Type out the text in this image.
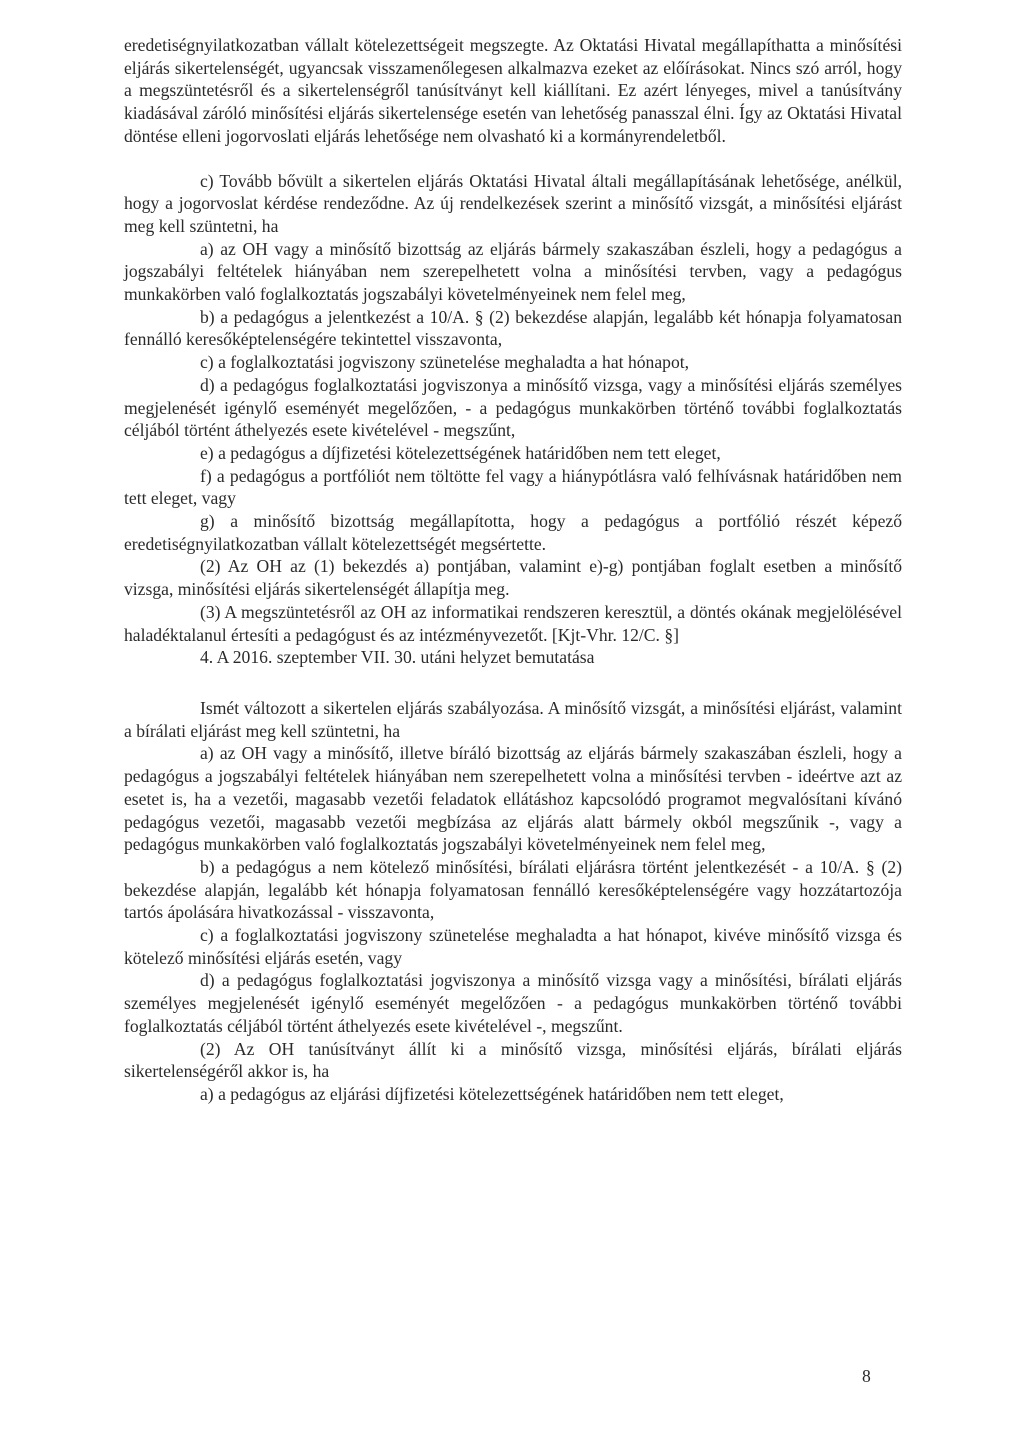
eredetiségnyilatkozatban vállalt kötelezettségeit megszegte. Az Oktatási Hivatal megállapíthatta a minősítési eljárás sikertelenségét, ugyancsak visszamenőlegesen alkalmazva ezeket az előírásokat. Nincs szó arról, hogy a megszüntetésről és a sikertelenségről tanúsítványt kell kiállítani. Ez azért lényeges, mivel a tanúsítvány kiadásával záróló minősítési eljárás sikertelensége esetén van lehetőség panasszal élni. Így az Oktatási Hivatal döntése elleni jogorvoslati eljárás lehetősége nem olvasható ki a kormányrendeletből.

c) Tovább bővült a sikertelen eljárás Oktatási Hivatal általi megállapításának lehetősége, anélkül, hogy a jogorvoslat kérdése rendeződne. Az új rendelkezések szerint a minősítő vizsgát, a minősítési eljárást meg kell szüntetni, ha

a) az OH vagy a minősítő bizottság az eljárás bármely szakaszában észleli, hogy a pedagógus a jogszabályi feltételek hiányában nem szerepelhetett volna a minősítési tervben, vagy a pedagógus munkakörben való foglalkoztatás jogszabályi követelményeinek nem felel meg,

b) a pedagógus a jelentkezést a 10/A. § (2) bekezdése alapján, legalább két hónapja folyamatosan fennálló keresőképtelenségére tekintettel visszavonta,

c) a foglalkoztatási jogviszony szünetelése meghaladta a hat hónapot,

d) a pedagógus foglalkoztatási jogviszonya a minősítő vizsga, vagy a minősítési eljárás személyes megjelenését igénylő eseményét megelőzően, - a pedagógus munkakörben történő további foglalkoztatás céljából történt áthelyezés esete kivételével - megszűnt,

e) a pedagógus a díjfizetési kötelezettségének határidőben nem tett eleget,

f) a pedagógus a portfóliót nem töltötte fel vagy a hiánypótlásra való felhívásnak határidőben nem tett eleget, vagy

g) a minősítő bizottság megállapította, hogy a pedagógus a portfólió részét képező eredetiségnyilatkozatban vállalt kötelezettségét megsértette.

(2) Az OH az (1) bekezdés a) pontjában, valamint e)-g) pontjában foglalt esetben a minősítő vizsga, minősítési eljárás sikertelenségét állapítja meg.

(3) A megszüntetésről az OH az informatikai rendszeren keresztül, a döntés okának megjelölésével haladéktalanul értesíti a pedagógust és az intézményvezetőt. [Kjt-Vhr. 12/C. §]

4. A 2016. szeptember VII. 30. utáni helyzet bemutatása

Ismét változott a sikertelen eljárás szabályozása. A minősítő vizsgát, a minősítési eljárást, valamint a bírálati eljárást meg kell szüntetni, ha

a) az OH vagy a minősítő, illetve bíráló bizottság az eljárás bármely szakaszában észleli, hogy a pedagógus a jogszabályi feltételek hiányában nem szerepelhetett volna a minősítési tervben - ideértve azt az esetet is, ha a vezetői, magasabb vezetői feladatok ellátáshoz kapcsolódó programot megvalósítani kívánó pedagógus vezetői, magasabb vezetői megbízása az eljárás alatt bármely okból megszűnik -, vagy a pedagógus munkakörben való foglalkoztatás jogszabályi követelményeinek nem felel meg,

b) a pedagógus a nem kötelező minősítési, bírálati eljárásra történt jelentkezését - a 10/A. § (2) bekezdése alapján, legalább két hónapja folyamatosan fennálló keresőképtelenségére vagy hozzátartozója tartós ápolására hivatkozással - visszavonta,

c) a foglalkoztatási jogviszony szünetelése meghaladta a hat hónapot, kivéve minősítő vizsga és kötelező minősítési eljárás esetén, vagy

d) a pedagógus foglalkoztatási jogviszonya a minősítő vizsga vagy a minősítési, bírálati eljárás személyes megjelenését igénylő eseményét megelőzően - a pedagógus munkakörben történő további foglalkoztatás céljából történt áthelyezés esete kivételével -, megszűnt.

(2) Az OH tanúsítványt állít ki a minősítő vizsga, minősítési eljárás, bírálati eljárás sikertelenségéről akkor is, ha

a) a pedagógus az eljárási díjfizetési kötelezettségének határidőben nem tett eleget,

8
